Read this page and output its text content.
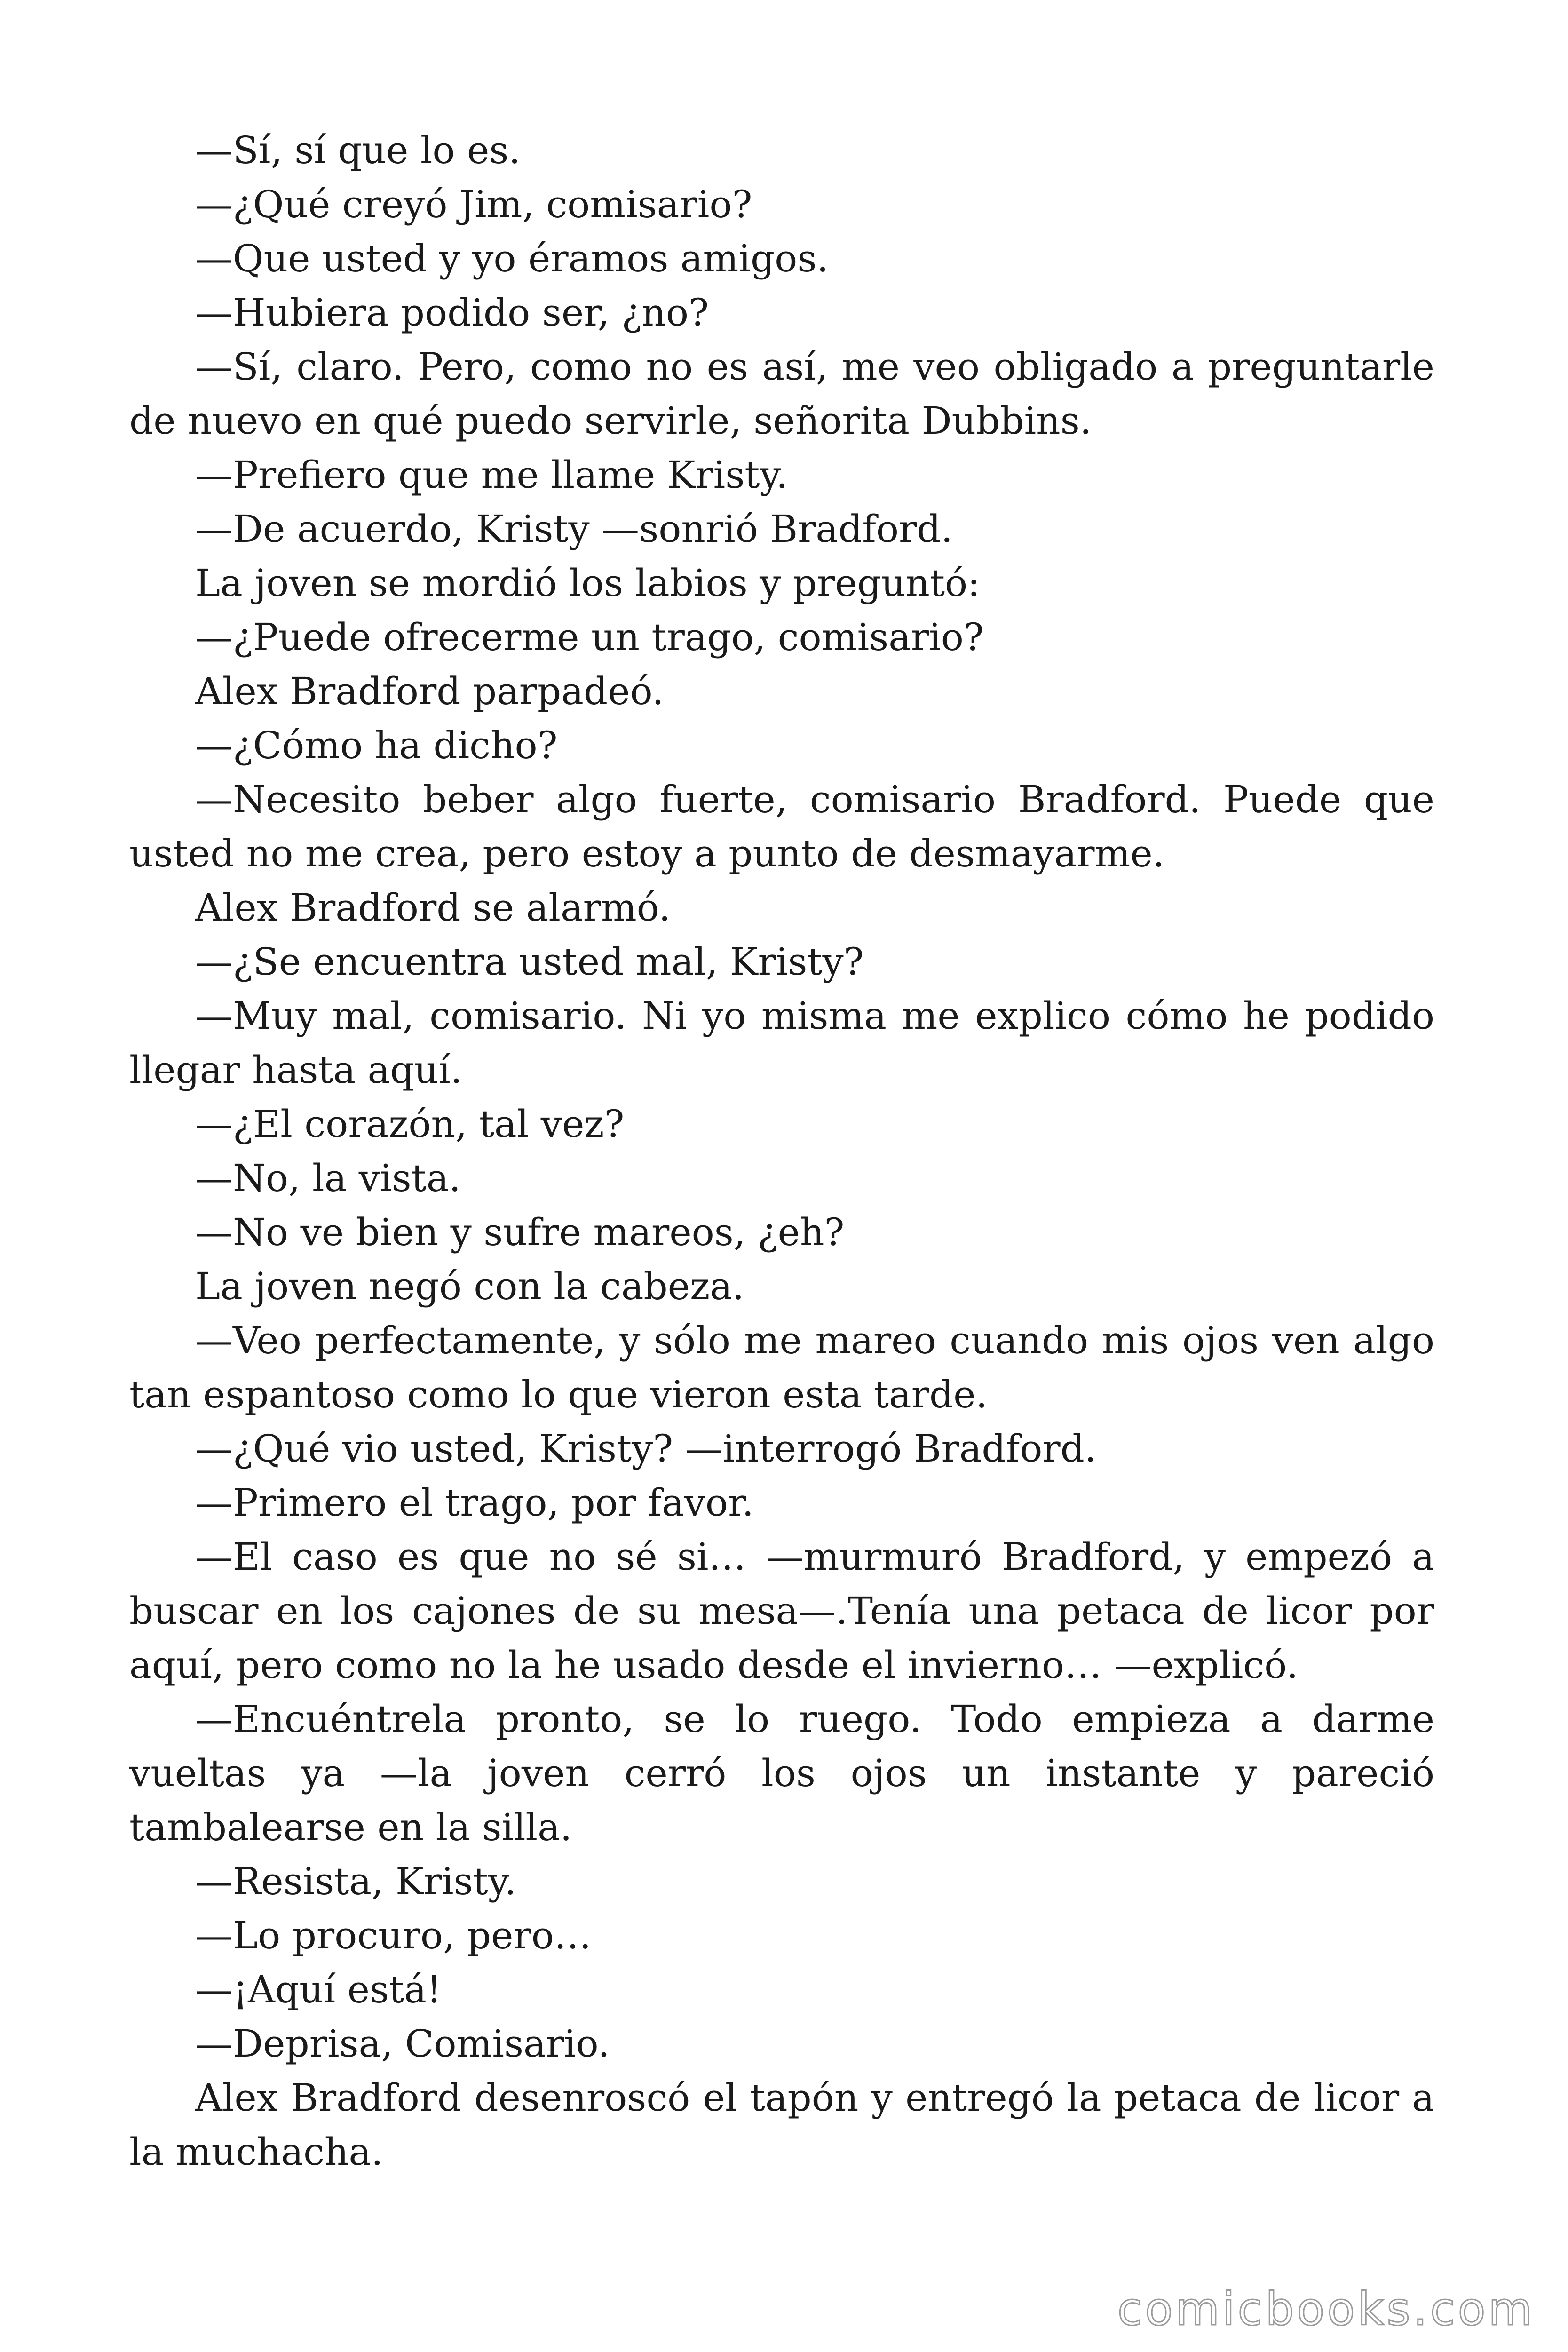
—Sí, sí que lo es.

—¿Qué creyó Jim, comisario?

—Que usted y yo éramos amigos.

—Hubiera podido ser, ¿no?

—Sí, claro. Pero, como no es así, me veo obligado a preguntarle de nuevo en qué puedo servirle, señorita Dubbins.

—Prefiero que me llame Kristy.

—De acuerdo, Kristy —sonrió Bradford.

La joven se mordió los labios y preguntó:

—¿Puede ofrecerme un trago, comisario?

Alex Bradford parpadeó.

—¿Cómo ha dicho?

—Necesito beber algo fuerte, comisario Bradford. Puede que usted no me crea, pero estoy a punto de desmayarme.

Alex Bradford se alarmó.

—¿Se encuentra usted mal, Kristy?

—Muy mal, comisario. Ni yo misma me explico cómo he podido llegar hasta aquí.

—¿El corazón, tal vez?

—No, la vista.

—No ve bien y sufre mareos, ¿eh?

La joven negó con la cabeza.

—Veo perfectamente, y sólo me mareo cuando mis ojos ven algo tan espantoso como lo que vieron esta tarde.

—¿Qué vio usted, Kristy? —interrogó Bradford.

—Primero el trago, por favor.

—El caso es que no sé si… —murmuró Bradford, y empezó a buscar en los cajones de su mesa—.Tenía una petaca de licor por aquí, pero como no la he usado desde el invierno… —explicó.

—Encuéntrela pronto, se lo ruego. Todo empieza a darme vueltas ya —la joven cerró los ojos un instante y pareció tambalearse en la silla.

—Resista, Kristy.

—Lo procuro, pero…

—¡Aquí está!

—Deprisa, Comisario.

Alex Bradford desenroscó el tapón y entregó la petaca de licor a la muchacha.

comicbooks.com
